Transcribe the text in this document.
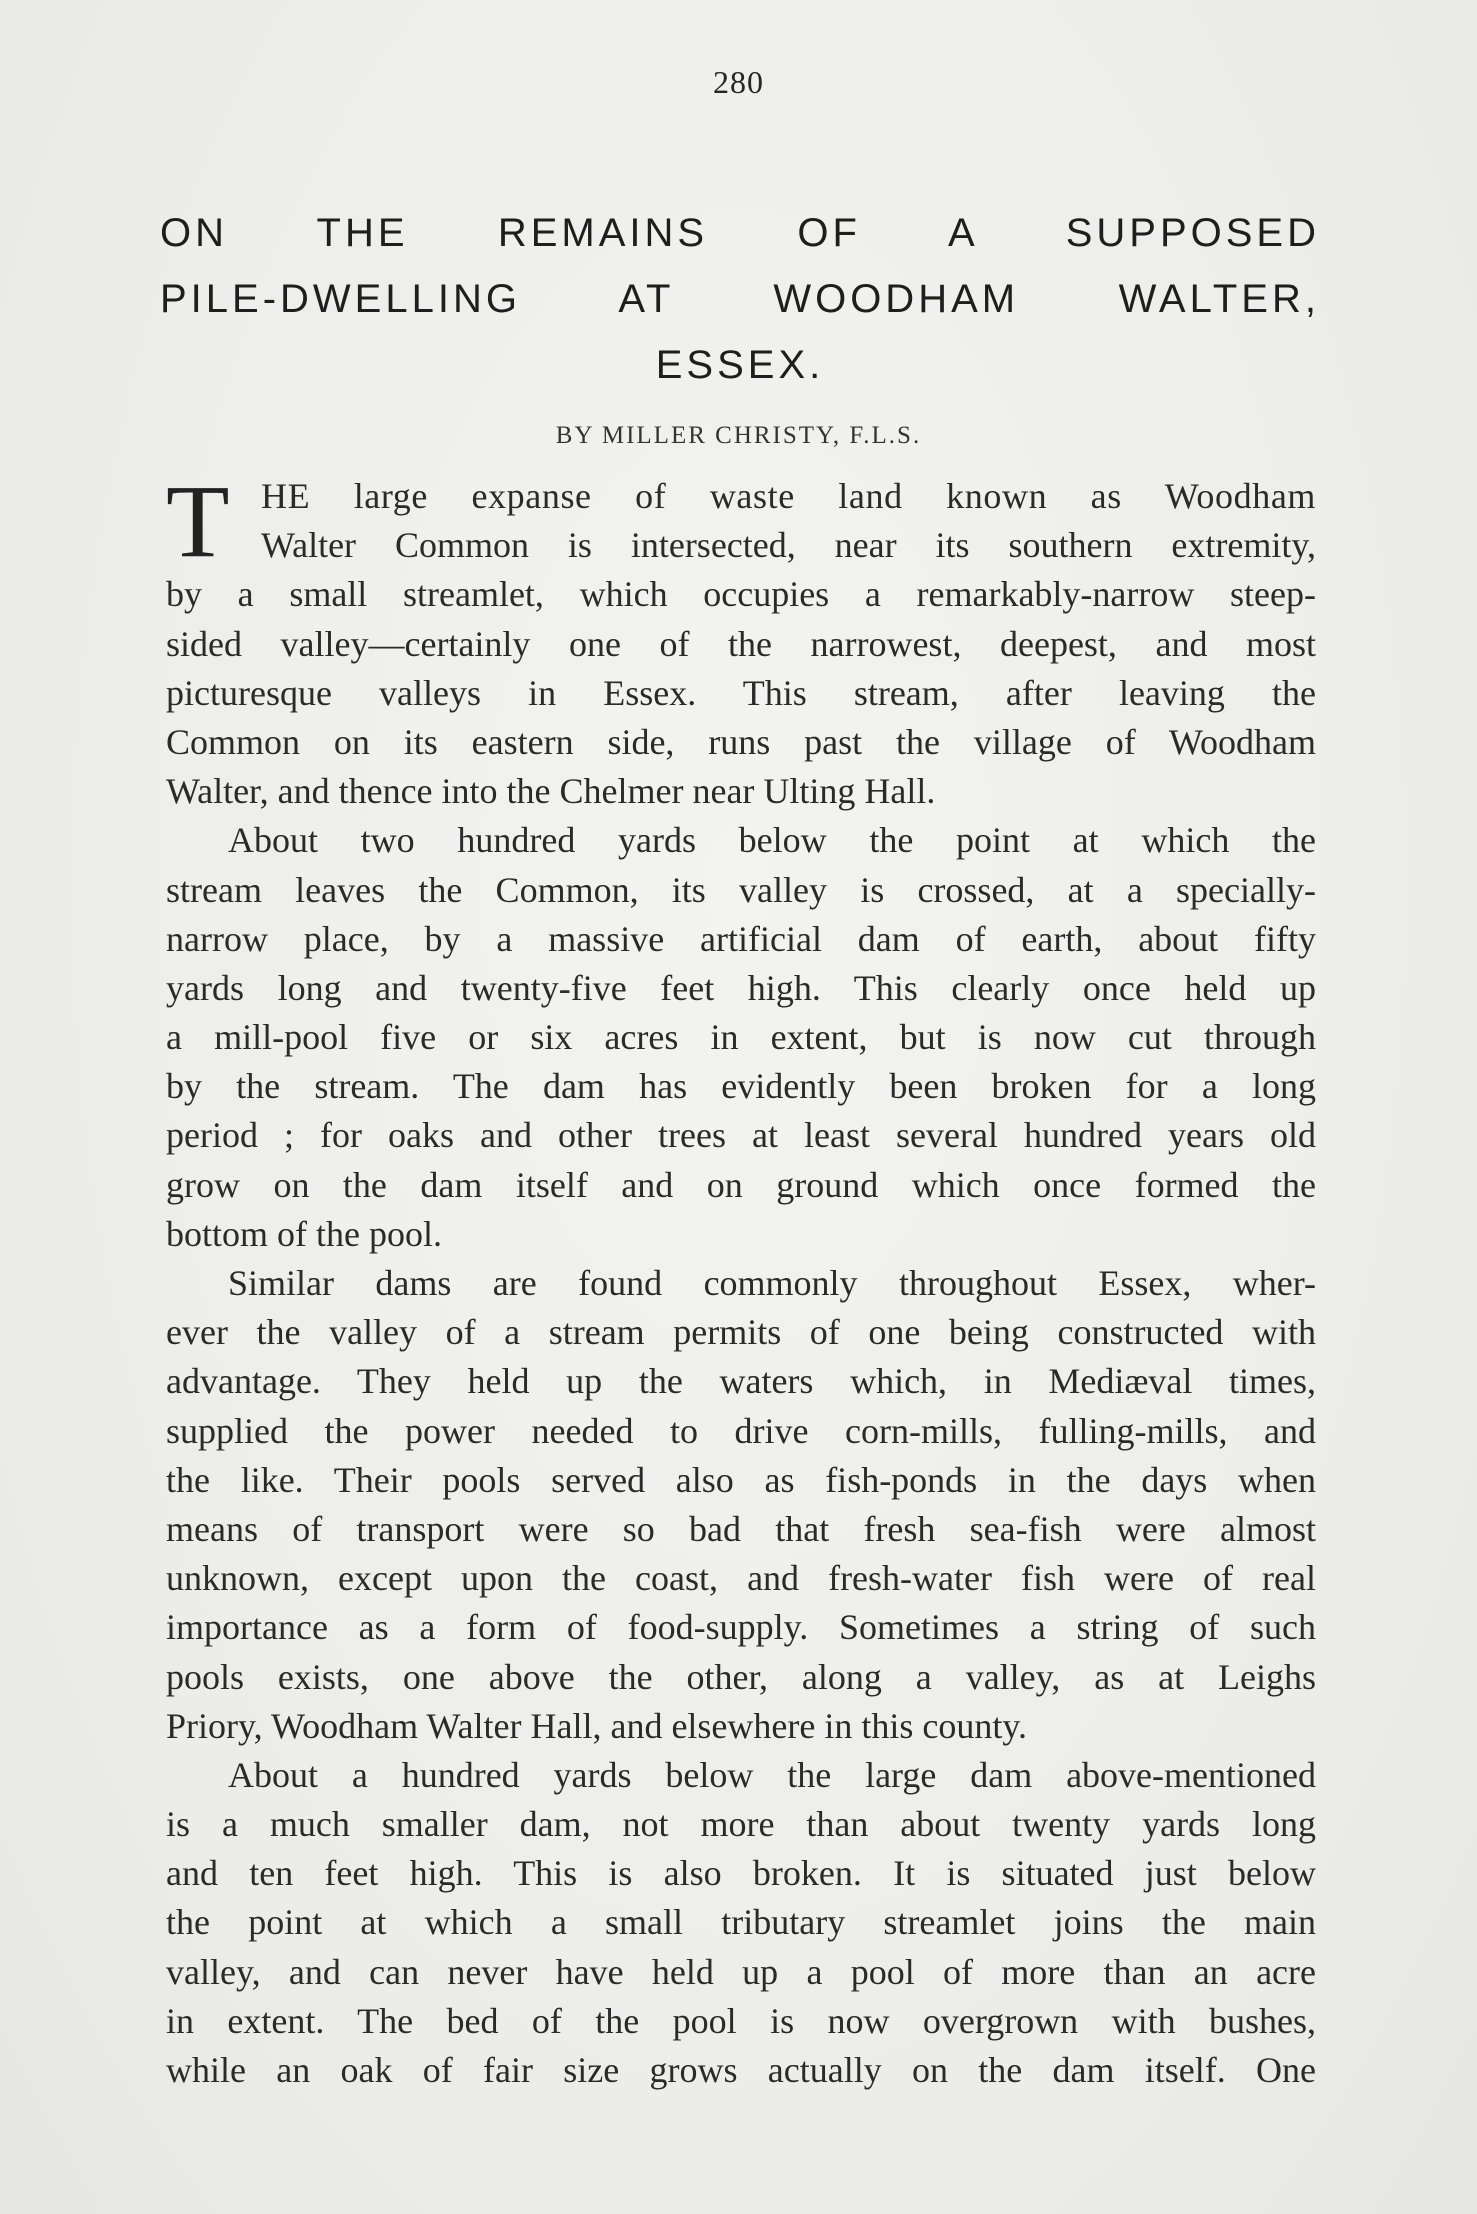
280
ON THE REMAINS OF A SUPPOSED
PILE-DWELLING AT WOODHAM WALTER,
ESSEX.
BY MILLER CHRISTY, F.L.S.
T HE large expanse of waste land known as Woodham
Walter Common is intersected, near its southern extremity,
by a small streamlet, which occupies a remarkably-narrow steep-
sided valley—certainly one of the narrowest, deepest, and most
picturesque valleys in Essex. This stream, after leaving the
Common on its eastern side, runs past the village of Woodham
Walter, and thence into the Chelmer near Ulting Hall.
About two hundred yards below the point at which the
stream leaves the Common, its valley is crossed, at a specially-
narrow place, by a massive artificial dam of earth, about fifty
yards long and twenty-five feet high. This clearly once held up
a mill-pool five or six acres in extent, but is now cut through
by the stream. The dam has evidently been broken for a long
period ; for oaks and other trees at least several hundred years old
grow on the dam itself and on ground which once formed the
bottom of the pool.
Similar dams are found commonly throughout Essex, wher-
ever the valley of a stream permits of one being constructed with
advantage. They held up the waters which, in Mediæval times,
supplied the power needed to drive corn-mills, fulling-mills, and
the like. Their pools served also as fish-ponds in the days when
means of transport were so bad that fresh sea-fish were almost
unknown, except upon the coast, and fresh-water fish were of real
importance as a form of food-supply. Sometimes a string of such
pools exists, one above the other, along a valley, as at Leighs
Priory, Woodham Walter Hall, and elsewhere in this county.
About a hundred yards below the large dam above-mentioned
is a much smaller dam, not more than about twenty yards long
and ten feet high. This is also broken. It is situated just below
the point at which a small tributary streamlet joins the main
valley, and can never have held up a pool of more than an acre
in extent. The bed of the pool is now overgrown with bushes,
while an oak of fair size grows actually on the dam itself. One
